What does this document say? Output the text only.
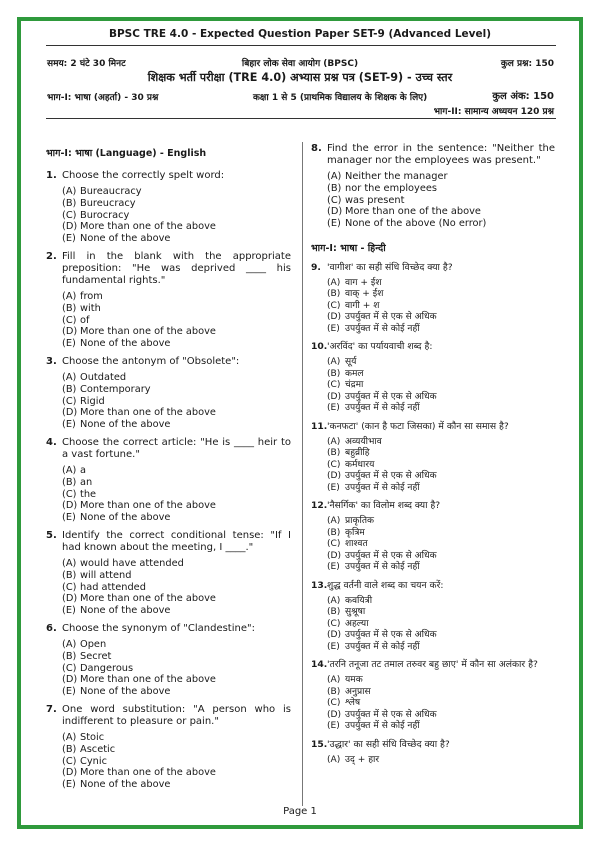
BPSC TRE 4.0 - Expected Question Paper SET-9 (Advanced Level)
समय: 2 घंटे 30 मिनट	बिहार लोक सेवा आयोग (BPSC)	कुल प्रश्न: 150
शिक्षक भर्ती परीक्षा (TRE 4.0) अभ्यास प्रश्न पत्र (SET-9) - उच्च स्तर
भाग-I: भाषा (अहर्ता) - 30 प्रश्न	कक्षा 1 से 5 (प्राथमिक विद्यालय के शिक्षक के लिए)	कुल अंक: 150
भाग-II: सामान्य अध्ययन 120 प्रश्न
भाग-I: भाषा (Language) - English
1. Choose the correctly spelt word:
(A) Bureaucracy
(B) Bureucracy
(C) Burocracy
(D) More than one of the above
(E) None of the above
2. Fill in the blank with the appropriate preposition: "He was deprived ____ his fundamental rights."
(A) from
(B) with
(C) of
(D) More than one of the above
(E) None of the above
3. Choose the antonym of "Obsolete":
(A) Outdated
(B) Contemporary
(C) Rigid
(D) More than one of the above
(E) None of the above
4. Choose the correct article: "He is ____ heir to a vast fortune."
(A) a
(B) an
(C) the
(D) More than one of the above
(E) None of the above
5. Identify the correct conditional tense: "If I had known about the meeting, I ____."
(A) would have attended
(B) will attend
(C) had attended
(D) More than one of the above
(E) None of the above
6. Choose the synonym of "Clandestine":
(A) Open
(B) Secret
(C) Dangerous
(D) More than one of the above
(E) None of the above
7. One word substitution: "A person who is indifferent to pleasure or pain."
(A) Stoic
(B) Ascetic
(C) Cynic
(D) More than one of the above
(E) None of the above
8. Find the error in the sentence: "Neither the manager nor the employees was present."
(A) Neither the manager
(B) nor the employees
(C) was present
(D) More than one of the above
(E) None of the above (No error)
भाग-I: भाषा - हिन्दी
9. 'वागीश' का सही संधि विच्छेद क्या है?
(A) वाग + ईश
(B) वाक् + ईश
(C) वागी + श
(D) उपर्युक्त में से एक से अधिक
(E) उपर्युक्त में से कोई नहीं
10. 'अरविंद' का पर्यायवाची शब्द है:
(A) सूर्य
(B) कमल
(C) चंद्रमा
(D) उपर्युक्त में से एक से अधिक
(E) उपर्युक्त में से कोई नहीं
11. 'कनफटा' (कान है फटा जिसका) में कौन सा समास है?
(A) अव्ययीभाव
(B) बहुव्रीहि
(C) कर्मधारय
(D) उपर्युक्त में से एक से अधिक
(E) उपर्युक्त में से कोई नहीं
12. 'नैसर्गिक' का विलोम शब्द क्या है?
(A) प्राकृतिक
(B) कृत्रिम
(C) शाश्वत
(D) उपर्युक्त में से एक से अधिक
(E) उपर्युक्त में से कोई नहीं
13. शुद्ध वर्तनी वाले शब्द का चयन करें:
(A) कवयित्री
(B) सुश्रूषा
(C) अहल्या
(D) उपर्युक्त में से एक से अधिक
(E) उपर्युक्त में से कोई नहीं
14. 'तरनि तनूजा तट तमाल तरुवर बहु छाए' में कौन सा अलंकार है?
(A) यमक
(B) अनुप्रास
(C) श्लेष
(D) उपर्युक्त में से एक से अधिक
(E) उपर्युक्त में से कोई नहीं
15. 'उद्धार' का सही संधि विच्छेद क्या है?
(A) उद् + हार
Page 1
